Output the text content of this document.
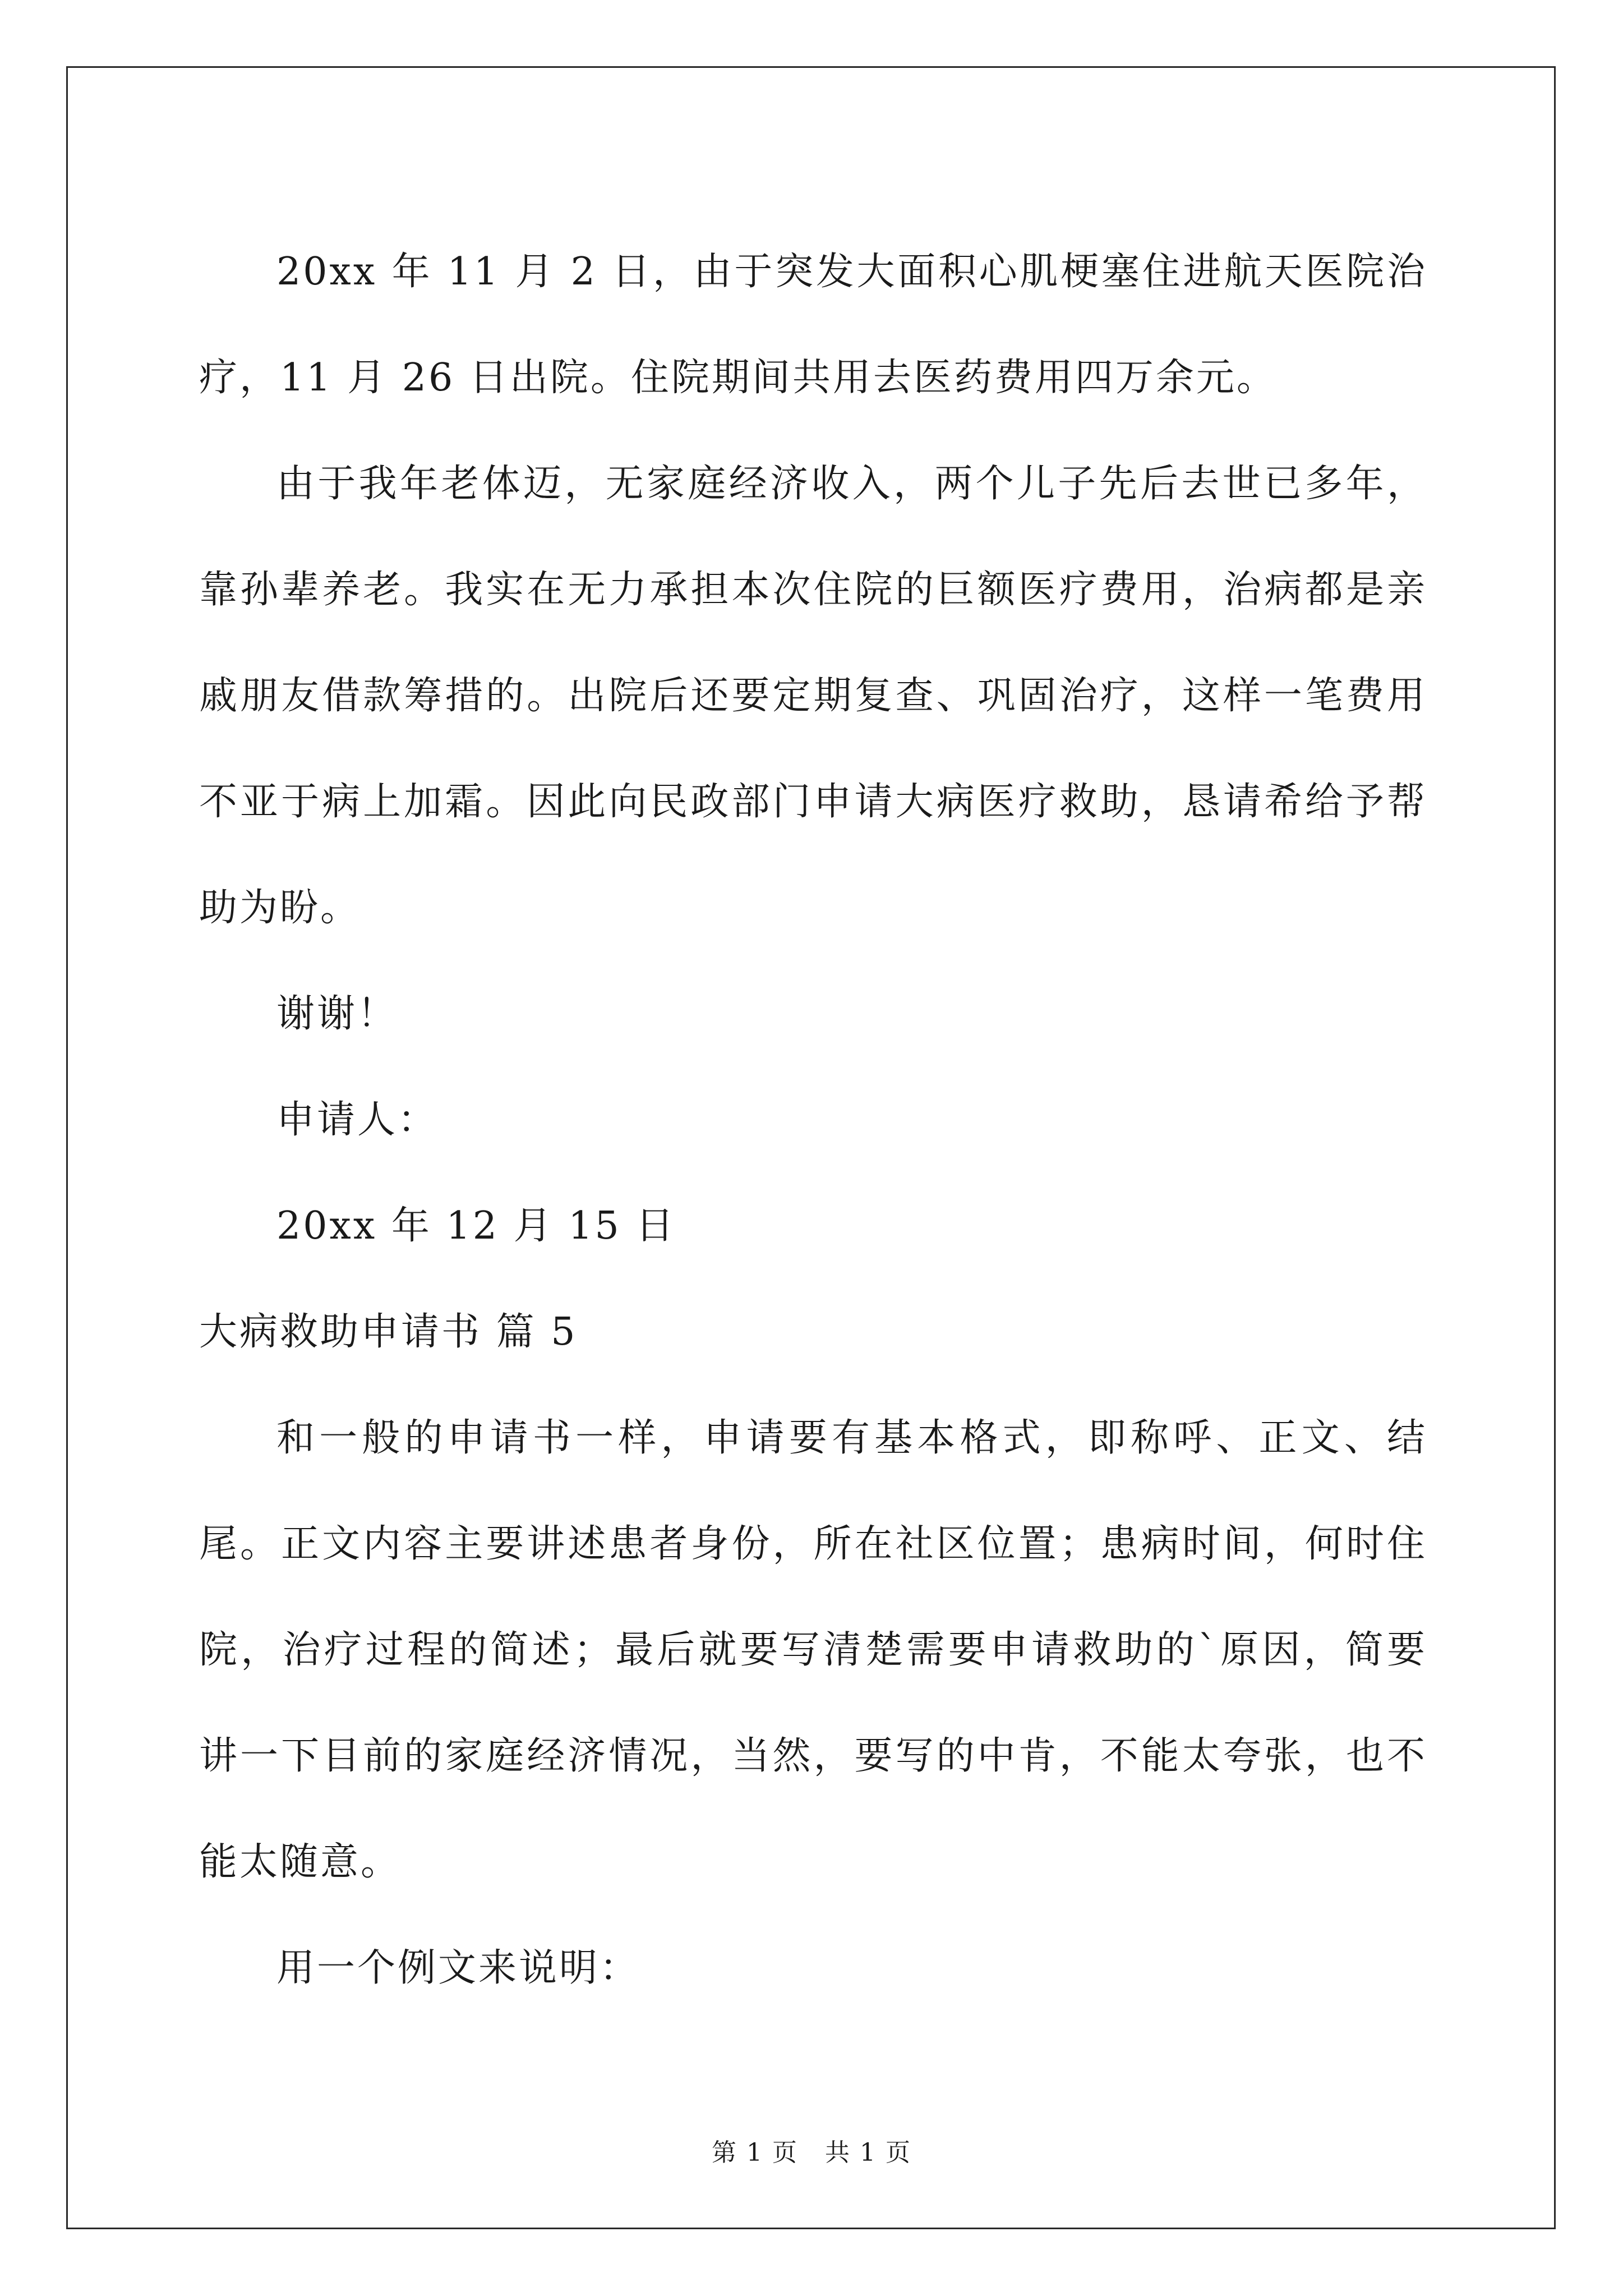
20xx 年 11 月 2 日，由于突发大面积心肌梗塞住进航天医院治疗，11 月 26 日出院。住院期间共用去医药费用四万余元。

由于我年老体迈，无家庭经济收入，两个儿子先后去世已多年，靠孙辈养老。我实在无力承担本次住院的巨额医疗费用，治病都是亲戚朋友借款筹措的。出院后还要定期复查、巩固治疗，这样一笔费用不亚于病上加霜。因此向民政部门申请大病医疗救助，恳请希给予帮助为盼。

谢谢！

申请人：

20xx 年 12 月 15 日

大病救助申请书 篇 5

和一般的申请书一样，申请要有基本格式，即称呼、正文、结尾。正文内容主要讲述患者身份，所在社区位置；患病时间，何时住院，治疗过程的简述；最后就要写清楚需要申请救助的`原因，简要讲一下目前的家庭经济情况，当然，要写的中肯，不能太夸张，也不能太随意。

用一个例文来说明：

第 1 页 共 1 页
